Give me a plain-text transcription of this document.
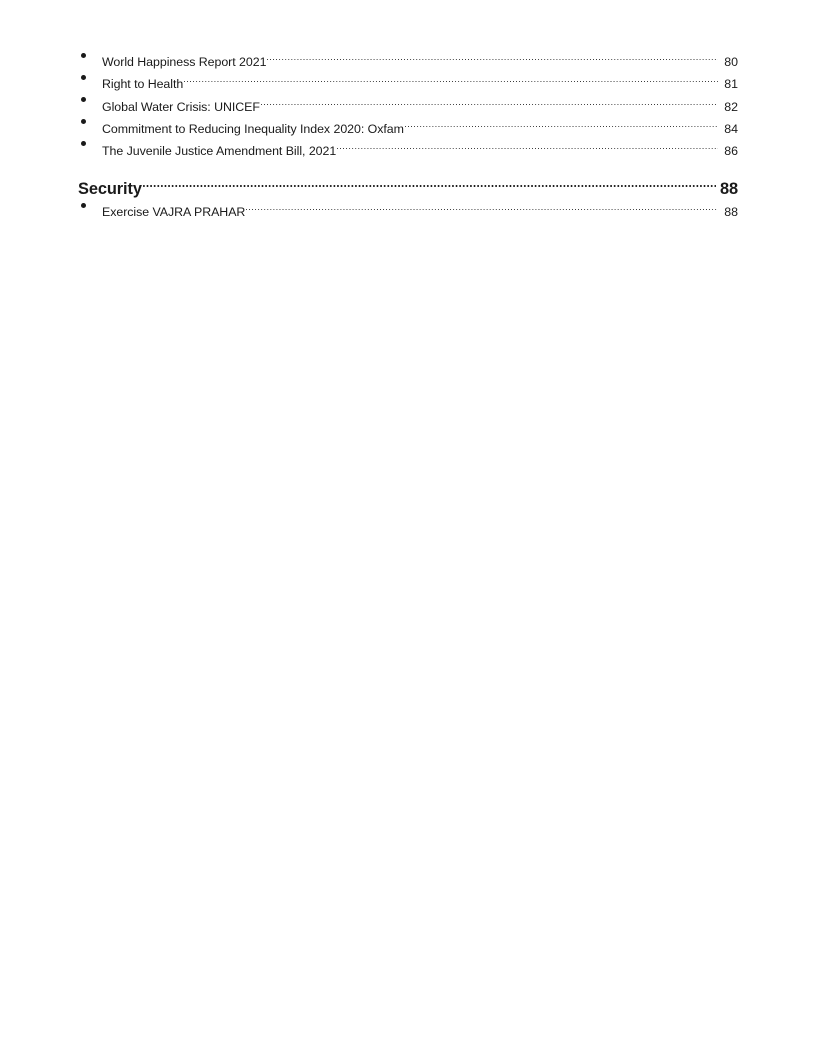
World Happiness Report 2021	80
Right to Health	81
Global Water Crisis: UNICEF	82
Commitment to Reducing Inequality Index 2020: Oxfam	84
The Juvenile Justice Amendment Bill, 2021	86
Security	88
Exercise VAJRA PRAHAR	88
